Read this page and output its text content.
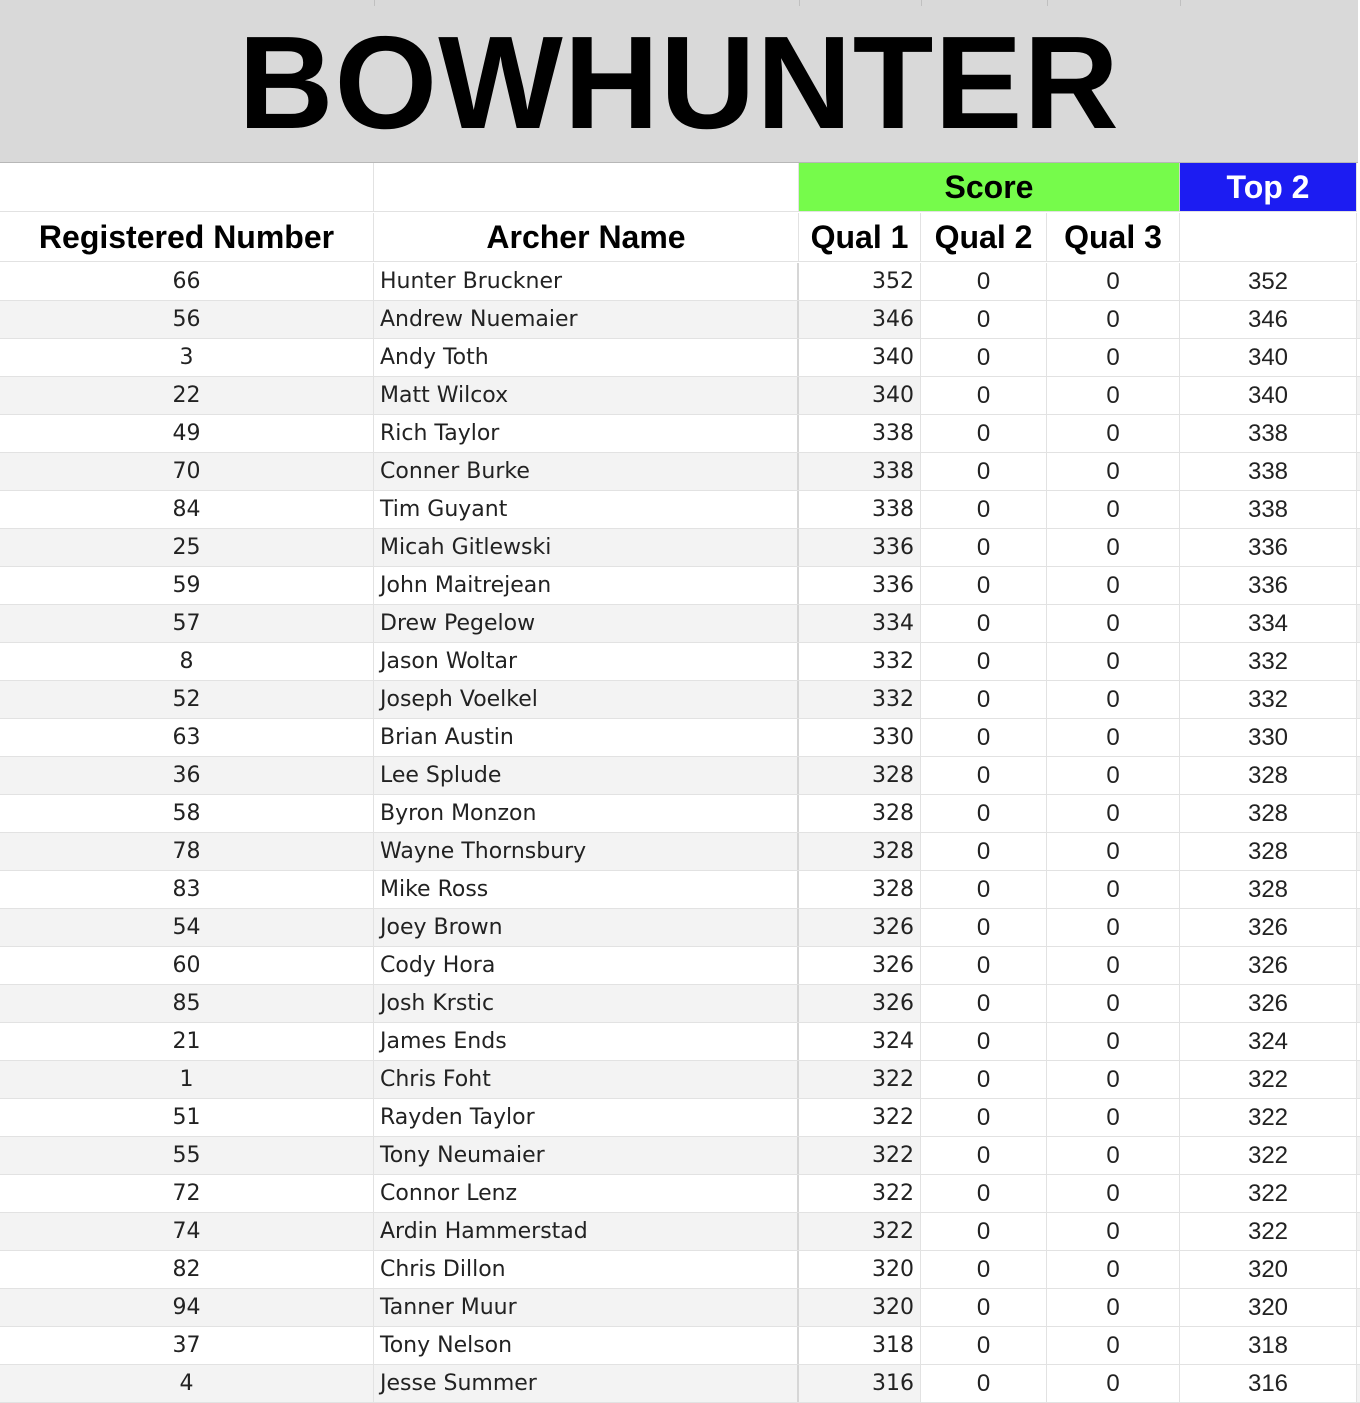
BOWHUNTER
Score	Top 2
Registered Number	Archer Name	Qual 1 Qual 2 Qual 3
66	Hunter Bruckner	352	0	0	352
56	Andrew Nuemaier	346	0	0	346
3	Andy Toth	340	0	0	340
22	Matt Wilcox	340	0	0	340
49	Rich Taylor	338	0	0	338
70	Conner Burke	338	0	0	338
84	Tim Guyant	338	0	0	338
25	Micah Gitlewski	336	0	0	336
59	John Maitrejean	336	0	0	336
57	Drew Pegelow	334	0	0	334
8	Jason Woltar	332	0	0	332
52	Joseph Voelkel	332	0	0	332
63	Brian Austin	330	0	0	330
36	Lee Splude	328	0	0	328
58	Byron Monzon	328	0	0	328
78	Wayne Thornsbury	328	0	0	328
83	Mike Ross	328	0	0	328
54	Joey Brown	326	0	0	326
60	Cody Hora	326	0	0	326
85	Josh Krstic	326	0	0	326
21	James Ends	324	0	0	324
1	Chris Foht	322	0	0	322
51	Rayden Taylor	322	0	0	322
55	Tony Neumaier	322	0	0	322
72	Connor Lenz	322	0	0	322
74	Ardin Hammerstad	322	0	0	322
82	Chris Dillon	320	0	0	320
94	Tanner Muur	320	0	0	320
37	Tony Nelson	318	0	0	318
4	Jesse Summer	316	0	0	316
